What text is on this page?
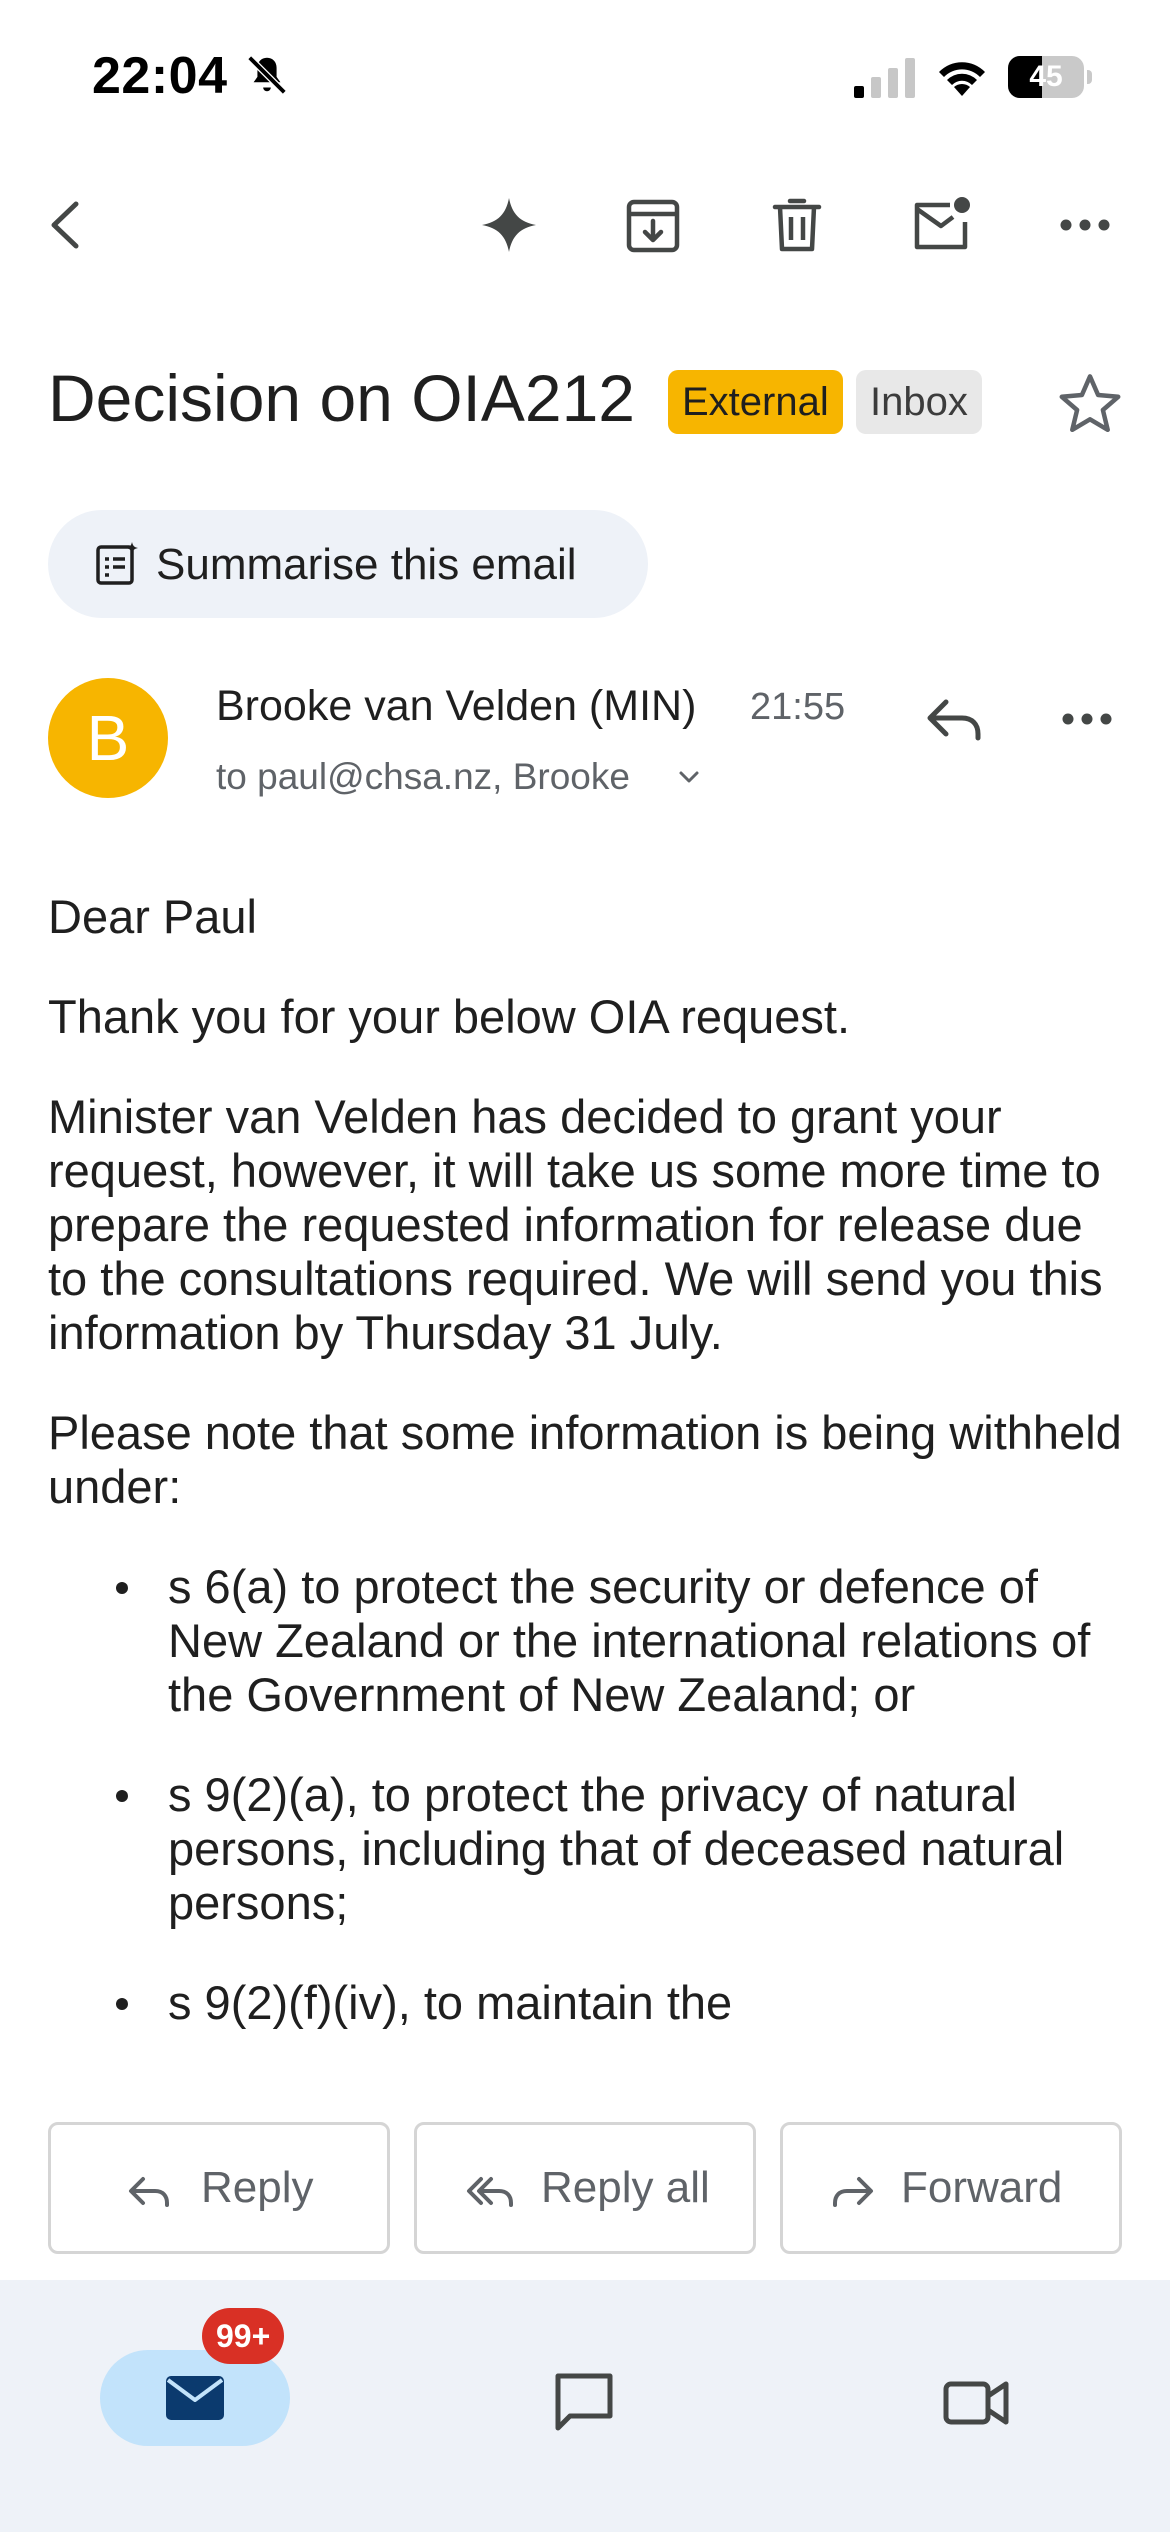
22:04	45
Decision on OIA212	External	Inbox
Summarise this email
B	Brooke van Velden (MIN) 21:55
to paul@chsa.nz, Brooke

Dear Paul

Thank you for your below OIA request.

Minister van Velden has decided to grant your request, however, it will take us some more time to prepare the requested information for release due to the consultations required. We will send you this information by Thursday 31 July.

Please note that some information is being withheld under:

s 6(a) to protect the security or defence of New Zealand or the international relations of the Government of New Zealand; or
s 9(2)(a), to protect the privacy of natural persons, including that of deceased natural persons;
s 9(2)(f)(iv), to maintain the
Reply	Reply all	Forward
99+
